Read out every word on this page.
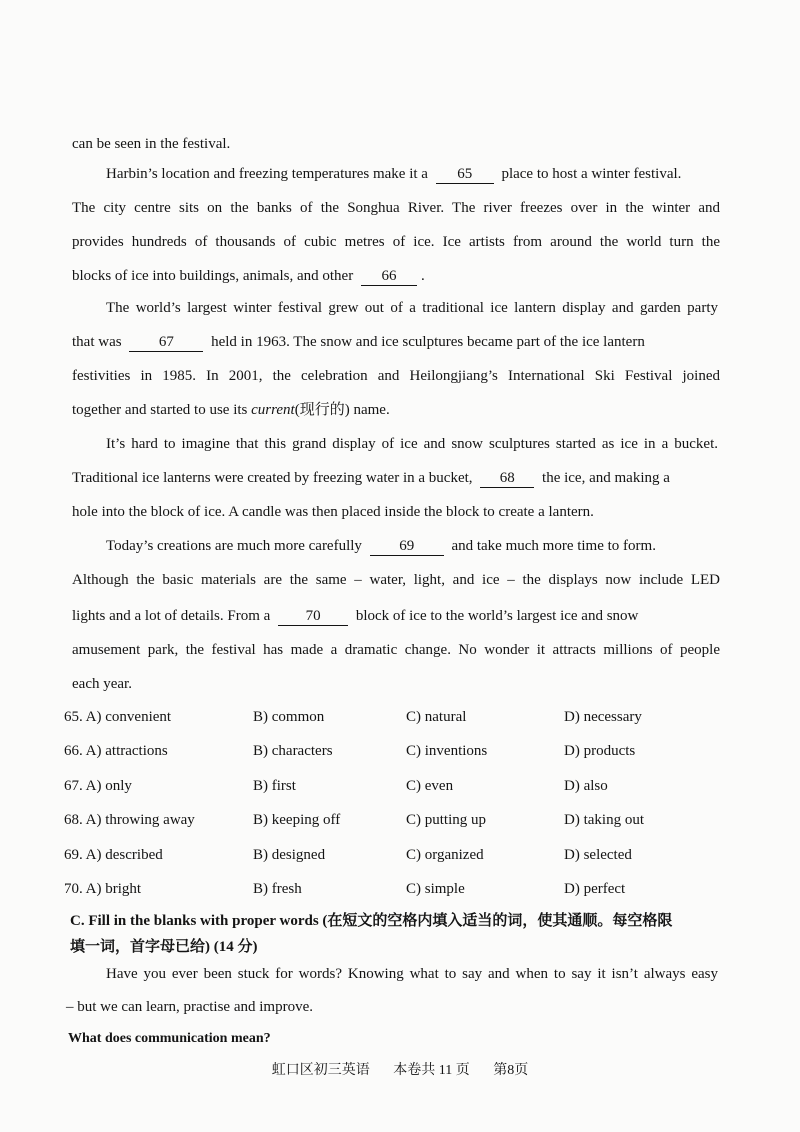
can be seen in the festival.
Harbin’s location and freezing temperatures make it a 65 place to host a winter festival.
The city centre sits on the banks of the Songhua River. The river freezes over in the winter and
provides hundreds of thousands of cubic metres of ice. Ice artists from around the world turn the
blocks of ice into buildings, animals, and other 66 .
The world’s largest winter festival grew out of a traditional ice lantern display and garden party
that was 67 held in 1963. The snow and ice sculptures became part of the ice lantern
festivities in 1985. In 2001, the celebration and Heilongjiang’s International Ski Festival joined
together and started to use its current(现行的) name.
It’s hard to imagine that this grand display of ice and snow sculptures started as ice in a bucket.
Traditional ice lanterns were created by freezing water in a bucket, 68 the ice, and making a
hole into the block of ice. A candle was then placed inside the block to create a lantern.
Today’s creations are much more carefully 69 and take much more time to form.
Although the basic materials are the same – water, light, and ice – the displays now include LED
lights and a lot of details. From a 70 block of ice to the world’s largest ice and snow
amusement park, the festival has made a dramatic change. No wonder it attracts millions of people
each year.
65. A) convenient	B) common	C) natural	D) necessary
66. A) attractions	B) characters	C) inventions	D) products
67. A) only	B) first	C) even	D) also
68. A) throwing away	B) keeping off	C) putting up	D) taking out
69. A) described	B) designed	C) organized	D) selected
70. A) bright	B) fresh	C) simple	D) perfect
C. Fill in the blanks with proper words (在短文的空格内填入适当的词，使其通顺。每空格限
填一词，首字母已给) (14 分)
Have you ever been stuck for words? Knowing what to say and when to say it isn’t always easy
– but we can learn, practise and improve.
What does communication mean?
虹口区初三英语 本卷共 11 页 第8页
